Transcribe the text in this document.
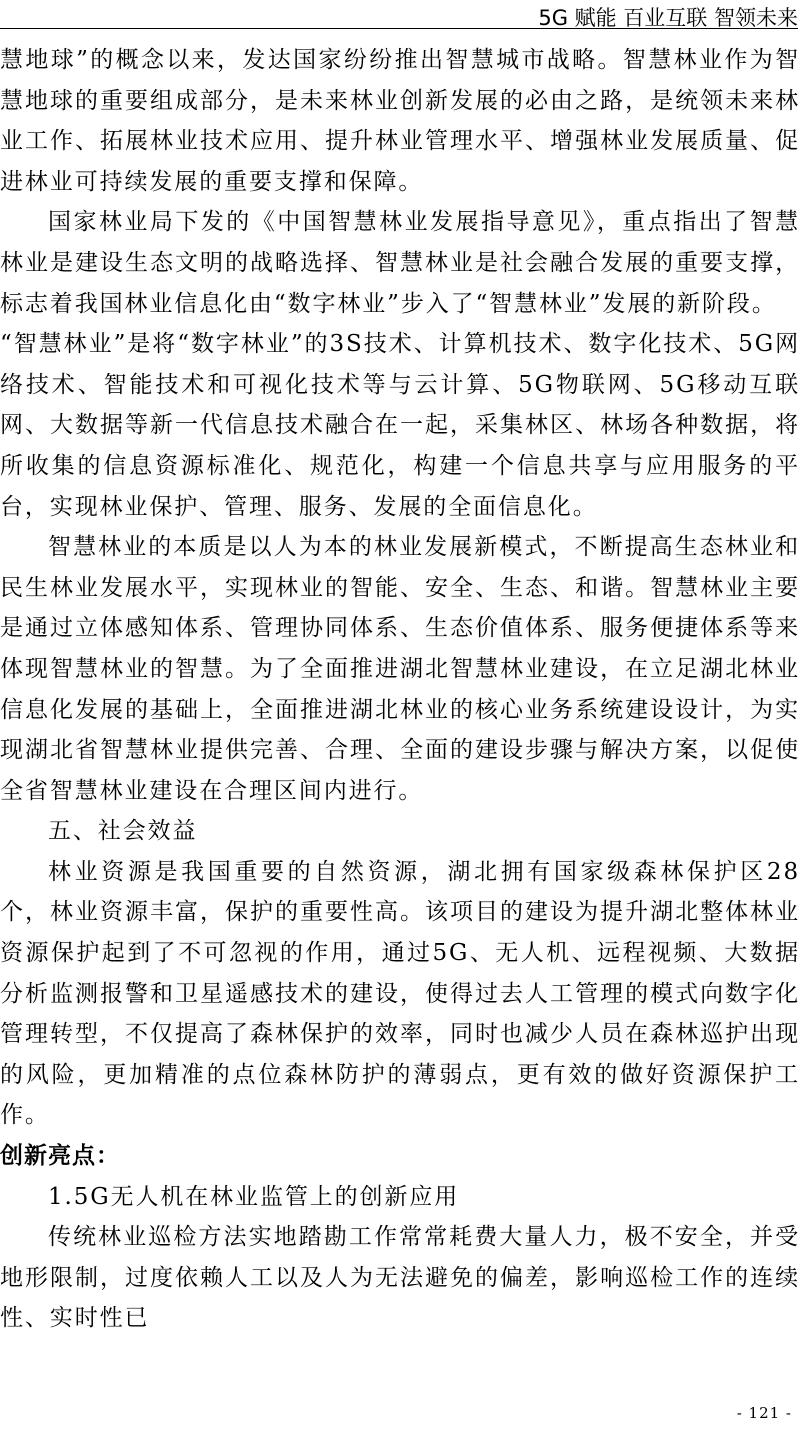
5G 赋能 百业互联 智领未来

慧地球”的概念以来，发达国家纷纷推出智慧城市战略。智慧林业作为智慧地球的重要组成部分，是未来林业创新发展的必由之路，是统领未来林业工作、拓展林业技术应用、提升林业管理水平、增强林业发展质量、促进林业可持续发展的重要支撑和保障。

国家林业局下发的《中国智慧林业发展指导意见》，重点指出了智慧林业是建设生态文明的战略选择、智慧林业是社会融合发展的重要支撑，标志着我国林业信息化由“数字林业”步入了“智慧林业”发展的新阶段。

“智慧林业”是将“数字林业”的3S技术、计算机技术、数字化技术、5G网络技术、智能技术和可视化技术等与云计算、5G物联网、5G移动互联网、大数据等新一代信息技术融合在一起，采集林区、林场各种数据，将所收集的信息资源标准化、规范化，构建一个信息共享与应用服务的平台，实现林业保护、管理、服务、发展的全面信息化。

智慧林业的本质是以人为本的林业发展新模式，不断提高生态林业和民生林业发展水平，实现林业的智能、安全、生态、和谐。智慧林业主要是通过立体感知体系、管理协同体系、生态价值体系、服务便捷体系等来体现智慧林业的智慧。为了全面推进湖北智慧林业建设，在立足湖北林业信息化发展的基础上，全面推进湖北林业的核心业务系统建设设计，为实现湖北省智慧林业提供完善、合理、全面的建设步骤与解决方案，以促使全省智慧林业建设在合理区间内进行。

五、社会效益

林业资源是我国重要的自然资源，湖北拥有国家级森林保护区28个，林业资源丰富，保护的重要性高。该项目的建设为提升湖北整体林业资源保护起到了不可忽视的作用，通过5G、无人机、远程视频、大数据分析监测报警和卫星遥感技术的建设，使得过去人工管理的模式向数字化管理转型，不仅提高了森林保护的效率，同时也减少人员在森林巡护出现的风险，更加精准的点位森林防护的薄弱点，更有效的做好资源保护工作。

创新亮点：

1.5G无人机在林业监管上的创新应用

传统林业巡检方法实地踏勘工作常常耗费大量人力，极不安全，并受地形限制，过度依赖人工以及人为无法避免的偏差，影响巡检工作的连续性、实时性已

- 121 -
